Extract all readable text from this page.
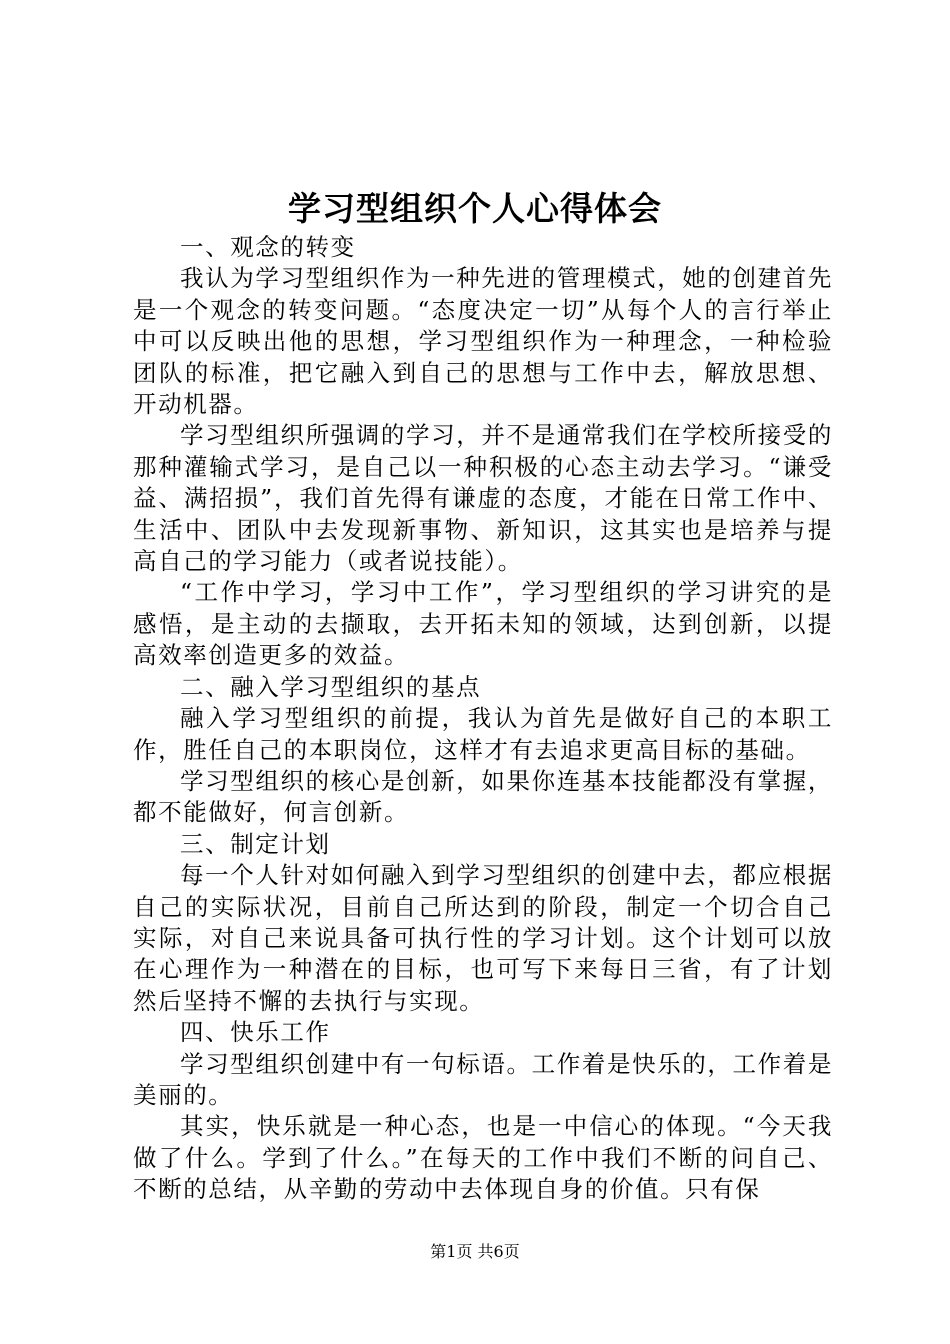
学习型组织个人心得体会

一、观念的转变

我认为学习型组织作为一种先进的管理模式，她的创建首先是一个观念的转变问题。“态度决定一切”从每个人的言行举止中可以反映出他的思想，学习型组织作为一种理念，一种检验团队的标准，把它融入到自己的思想与工作中去，解放思想、开动机器。

学习型组织所强调的学习，并不是通常我们在学校所接受的那种灌输式学习，是自己以一种积极的心态主动去学习。“谦受益、满招损”，我们首先得有谦虚的态度，才能在日常工作中、生活中、团队中去发现新事物、新知识，这其实也是培养与提高自己的学习能力（或者说技能）。

“工作中学习，学习中工作”，学习型组织的学习讲究的是感悟，是主动的去撷取，去开拓未知的领域，达到创新，以提高效率创造更多的效益。

二、融入学习型组织的基点

融入学习型组织的前提，我认为首先是做好自己的本职工作，胜任自己的本职岗位，这样才有去追求更高目标的基础。

学习型组织的核心是创新，如果你连基本技能都没有掌握，都不能做好，何言创新。

三、制定计划

每一个人针对如何融入到学习型组织的创建中去，都应根据自己的实际状况，目前自己所达到的阶段，制定一个切合自己实际，对自己来说具备可执行性的学习计划。这个计划可以放在心理作为一种潜在的目标，也可写下来每日三省，有了计划然后坚持不懈的去执行与实现。

四、快乐工作

学习型组织创建中有一句标语。工作着是快乐的，工作着是美丽的。

其实，快乐就是一种心态，也是一中信心的体现。“今天我做了什么。学到了什么。”在每天的工作中我们不断的问自己、不断的总结，从辛勤的劳动中去体现自身的价值。只有保

第1页 共6页
